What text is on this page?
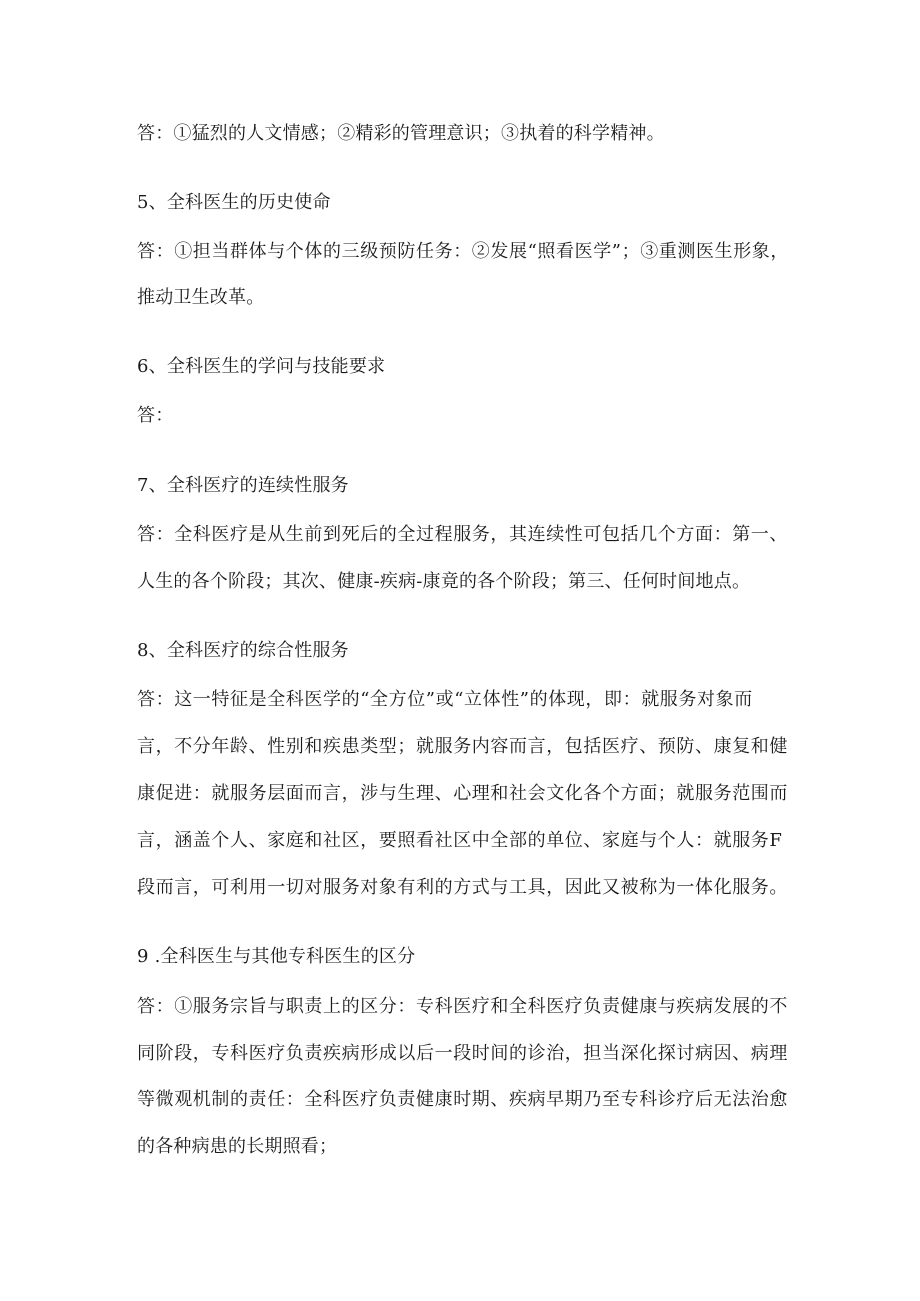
答：①猛烈的人文情感；②精彩的管理意识；③执着的科学精神。
5、全科医生的历史使命
答：①担当群体与个体的三级预防任务：②发展“照看医学”；③重测医生形象，
推动卫生改革。
6、全科医生的学问与技能要求
答：
7、全科医疗的连续性服务
答：全科医疗是从生前到死后的全过程服务，其连续性可包括几个方面：第一、
人生的各个阶段；其次、健康-疾病-康竟的各个阶段；第三、任何时间地点。
8、全科医疗的综合性服务
答：这一特征是全科医学的“全方位”或“立体性”的体现，即：就服务对象而
言，不分年龄、性别和疾患类型；就服务内容而言，包括医疗、预防、康复和健
康促进：就服务层面而言，涉与生理、心理和社会文化各个方面；就服务范围而
言，涵盖个人、家庭和社区，要照看社区中全部的单位、家庭与个人：就服务F
段而言，可利用一切对服务对象有利的方式与工具，因此又被称为一体化服务。
9 .全科医生与其他专科医生的区分
答：①服务宗旨与职责上的区分：专科医疗和全科医疗负责健康与疾病发展的不
同阶段，专科医疗负责疾病形成以后一段时间的诊治，担当深化探讨病因、病理
等微观机制的责任：全科医疗负责健康时期、疾病早期乃至专科诊疗后无法治愈
的各种病患的长期照看；
